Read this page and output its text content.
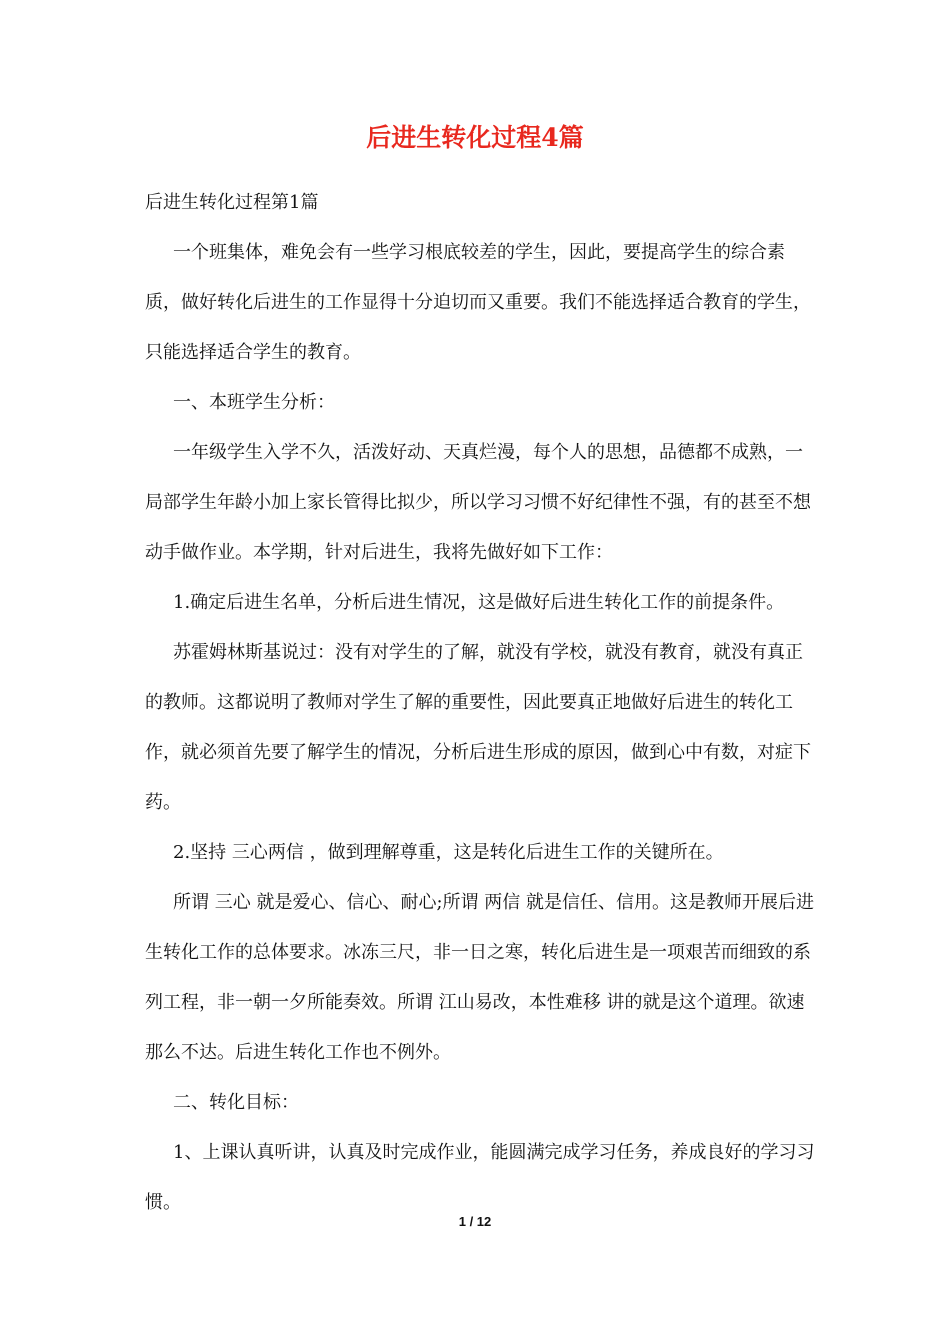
后进生转化过程4篇

后进生转化过程第1篇

一个班集体，难免会有一些学习根底较差的学生，因此，要提高学生的综合素质，做好转化后进生的工作显得十分迫切而又重要。我们不能选择适合教育的学生，只能选择适合学生的教育。

一、本班学生分析：

一年级学生入学不久，活泼好动、天真烂漫，每个人的思想，品德都不成熟，一局部学生年龄小加上家长管得比拟少，所以学习习惯不好纪律性不强，有的甚至不想动手做作业。本学期，针对后进生，我将先做好如下工作：

1.确定后进生名单，分析后进生情况，这是做好后进生转化工作的前提条件。

苏霍姆林斯基说过：没有对学生的了解，就没有学校，就没有教育，就没有真正的教师。这都说明了教师对学生了解的重要性，因此要真正地做好后进生的转化工作，就必须首先要了解学生的情况，分析后进生形成的原因，做到心中有数，对症下药。

2.坚持 三心两信 ，做到理解尊重，这是转化后进生工作的关键所在。

所谓 三心 就是爱心、信心、耐心;所谓 两信 就是信任、信用。这是教师开展后进生转化工作的总体要求。冰冻三尺，非一日之寒，转化后进生是一项艰苦而细致的系列工程，非一朝一夕所能奏效。所谓 江山易改，本性难移 讲的就是这个道理。欲速那么不达。后进生转化工作也不例外。

二、转化目标：

1、上课认真听讲，认真及时完成作业，能圆满完成学习任务，养成良好的学习习惯。

1 / 12
